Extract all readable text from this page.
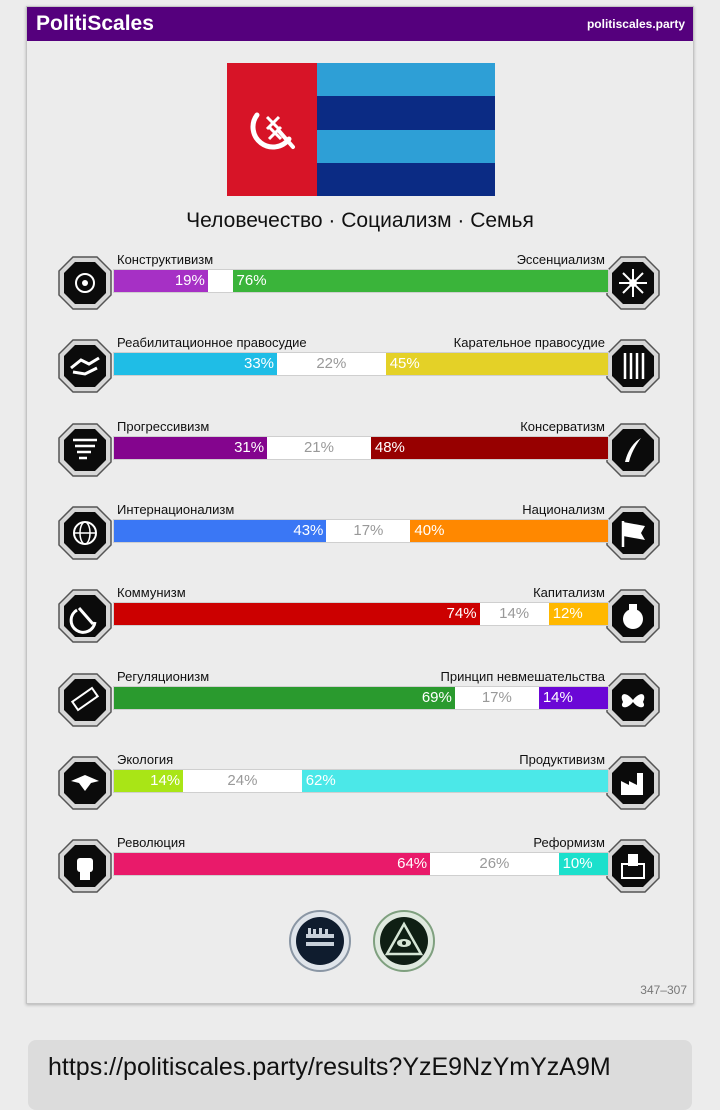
PolitiScales	politiscales.party
Человечество · Социализм · Семья
Конструктивизм	Эссенциализм
19% 76%
Реабилитационное правосудие	Карательное правосудие
33%	22%	45%
Прогрессивизм	Консерватизм
31%	21%	48%
Интернационализм	Национализм
43%	17%	40%
Коммунизм	Капитализм
74%	14%	12%
Регуляционизм	Принцип невмешательства
69%	17%	14%
Экология	Продуктивизм
14%	24%	62%
Революция	Реформизм
64%	26%	10%
347–307
https://politiscales.party/results?YzE9NzYmYzA9M
